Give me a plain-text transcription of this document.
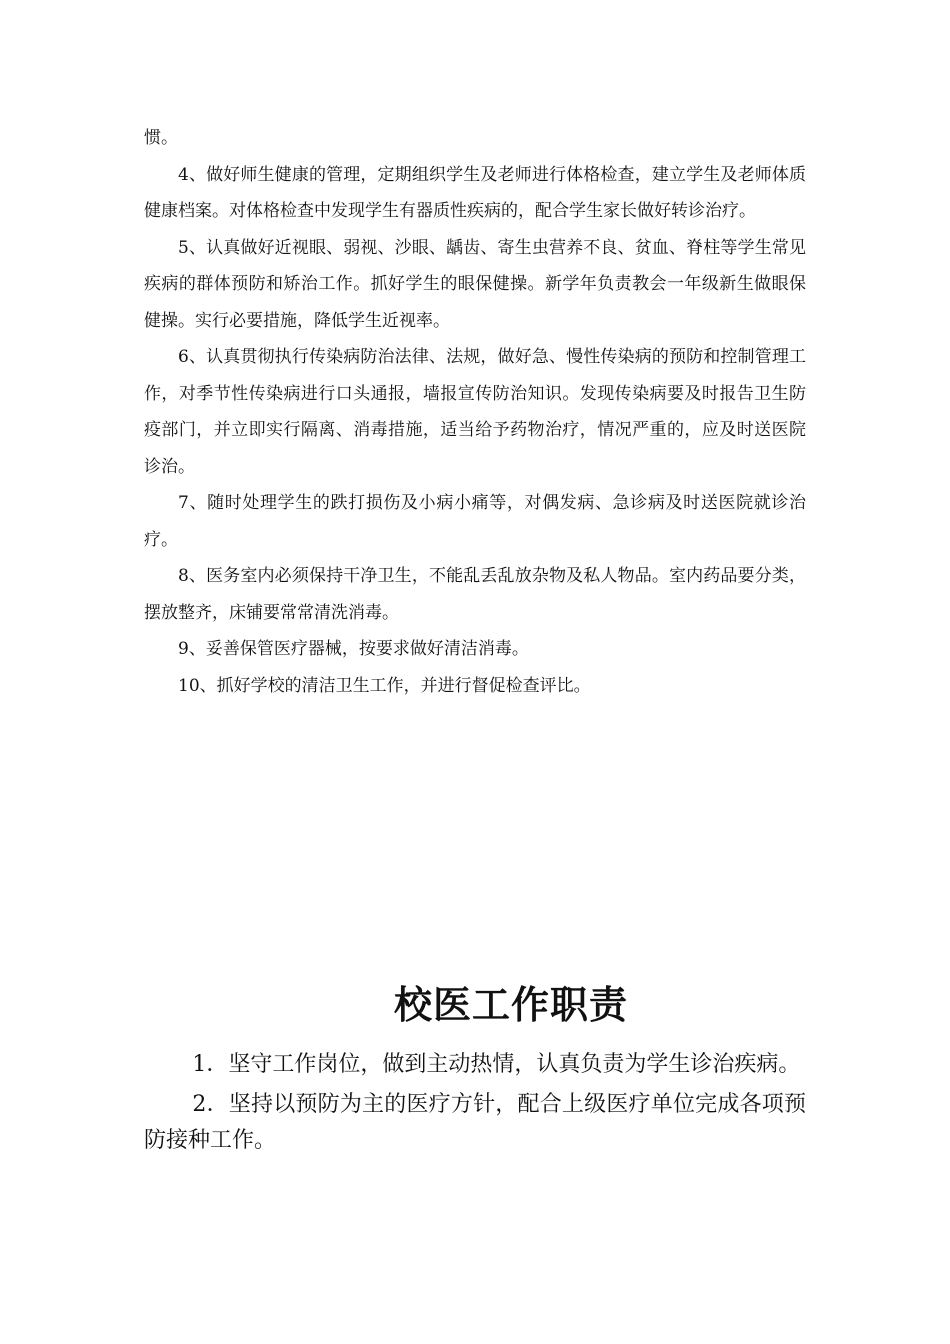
惯。

4、做好师生健康的管理，定期组织学生及老师进行体格检查，建立学生及老师体质健康档案。对体格检查中发现学生有器质性疾病的，配合学生家长做好转诊治疗。

5、认真做好近视眼、弱视、沙眼、龋齿、寄生虫营养不良、贫血、脊柱等学生常见疾病的群体预防和矫治工作。抓好学生的眼保健操。新学年负责教会一年级新生做眼保健操。实行必要措施，降低学生近视率。

6、认真贯彻执行传染病防治法律、法规，做好急、慢性传染病的预防和控制管理工作，对季节性传染病进行口头通报，墙报宣传防治知识。发现传染病要及时报告卫生防疫部门，并立即实行隔离、消毒措施，适当给予药物治疗，情况严重的，应及时送医院诊治。

7、随时处理学生的跌打损伤及小病小痛等，对偶发病、急诊病及时送医院就诊治疗。

8、医务室内必须保持干净卫生，不能乱丢乱放杂物及私人物品。室内药品要分类，摆放整齐，床铺要常常清洗消毒。

9、妥善保管医疗器械，按要求做好清洁消毒。

10、抓好学校的清洁卫生工作，并进行督促检查评比。

校医工作职责

1．坚守工作岗位，做到主动热情，认真负责为学生诊治疾病。

2．坚持以预防为主的医疗方针，配合上级医疗单位完成各项预防接种工作。
